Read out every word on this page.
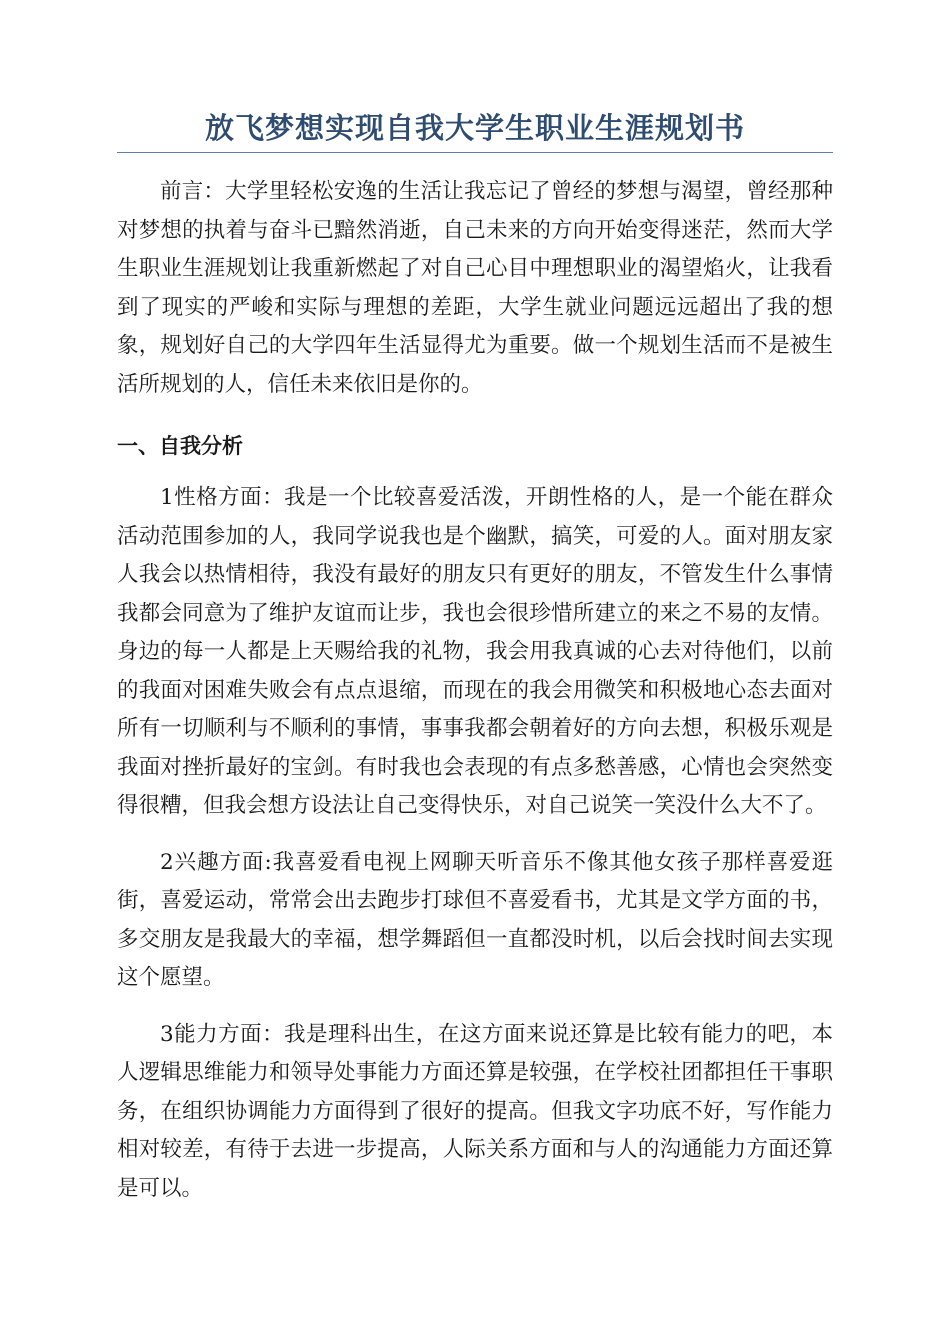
放飞梦想实现自我大学生职业生涯规划书

前言：大学里轻松安逸的生活让我忘记了曾经的梦想与渴望，曾经那种对梦想的执着与奋斗已黯然消逝，自己未来的方向开始变得迷茫，然而大学生职业生涯规划让我重新燃起了对自己心目中理想职业的渴望焰火，让我看到了现实的严峻和实际与理想的差距，大学生就业问题远远超出了我的想象，规划好自己的大学四年生活显得尤为重要。做一个规划生活而不是被生活所规划的人，信任未来依旧是你的。

一、自我分析

1性格方面：我是一个比较喜爱活泼，开朗性格的人，是一个能在群众活动范围参加的人，我同学说我也是个幽默，搞笑，可爱的人。面对朋友家人我会以热情相待，我没有最好的朋友只有更好的朋友，不管发生什么事情我都会同意为了维护友谊而让步，我也会很珍惜所建立的来之不易的友情。身边的每一人都是上天赐给我的礼物，我会用我真诚的心去对待他们，以前的我面对困难失败会有点点退缩，而现在的我会用微笑和积极地心态去面对所有一切顺利与不顺利的事情，事事我都会朝着好的方向去想，积极乐观是我面对挫折最好的宝剑。有时我也会表现的有点多愁善感，心情也会突然变得很糟，但我会想方设法让自己变得快乐，对自己说笑一笑没什么大不了。

2兴趣方面:我喜爱看电视上网聊天听音乐不像其他女孩子那样喜爱逛街，喜爱运动，常常会出去跑步打球但不喜爱看书，尤其是文学方面的书，多交朋友是我最大的幸福，想学舞蹈但一直都没时机，以后会找时间去实现这个愿望。

3能力方面：我是理科出生，在这方面来说还算是比较有能力的吧，本人逻辑思维能力和领导处事能力方面还算是较强，在学校社团都担任干事职务，在组织协调能力方面得到了很好的提高。但我文字功底不好，写作能力相对较差，有待于去进一步提高，人际关系方面和与人的沟通能力方面还算是可以。
